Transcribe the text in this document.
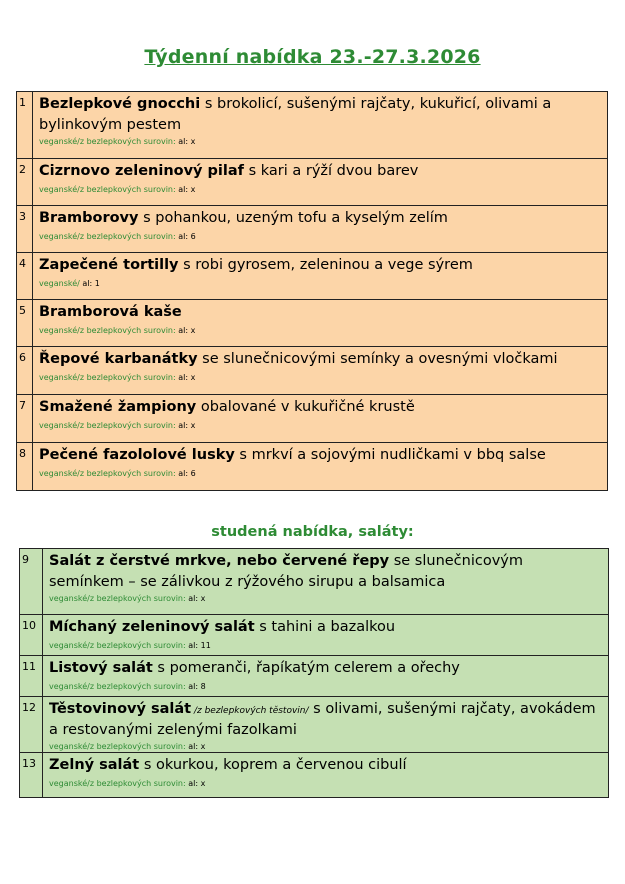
Týdenní nabídka 23.-27.3.2026
1	Bezlepkové gnocchi s brokolicí, sušenými rajčaty, kukuřicí, olivami a bylinkovým pestem
veganské/z bezlepkových surovin: al: x

2	Cizrnovo zeleninový pilaf s kari a rýží dvou barev
veganské/z bezlepkových surovin: al: x

3	Bramborovy s pohankou, uzeným tofu a kyselým zelím
veganské/z bezlepkových surovin: al: 6

4	Zapečené tortilly s robi gyrosem, zeleninou a vege sýrem
veganské/ al: 1

5	Bramborová kaše
veganské/z bezlepkových surovin: al: x

6	Řepové karbanátky se slunečnicovými semínky a ovesnými vločkami
veganské/z bezlepkových surovin: al: x

7	Smažené žampiony obalované v kukuřičné krustě
veganské/z bezlepkových surovin: al: x

8	Pečené fazololové lusky s mrkví a sojovými nudličkami v bbq salse
veganské/z bezlepkových surovin: al: 6
studená nabídka, saláty:
9	Salát z čerstvé mrkve, nebo červené řepy se slunečnicovým semínkem – se zálivkou z rýžového sirupu a balsamica
veganské/z bezlepkových surovin: al: x

10	Míchaný zeleninový salát s tahini a bazalkou
veganské/z bezlepkových surovin: al: 11

11	Listový salát s pomeranči, řapíkatým celerem a ořechy
veganské/z bezlepkových surovin: al: 8

12	Těstovinový salát /z bezlepkových těstovin/ s olivami, sušenými rajčaty, avokádem a restovanými zelenými fazolkami
veganské/z bezlepkových surovin: al: x

13	Zelný salát s okurkou, koprem a červenou cibulí
veganské/z bezlepkových surovin: al: x
